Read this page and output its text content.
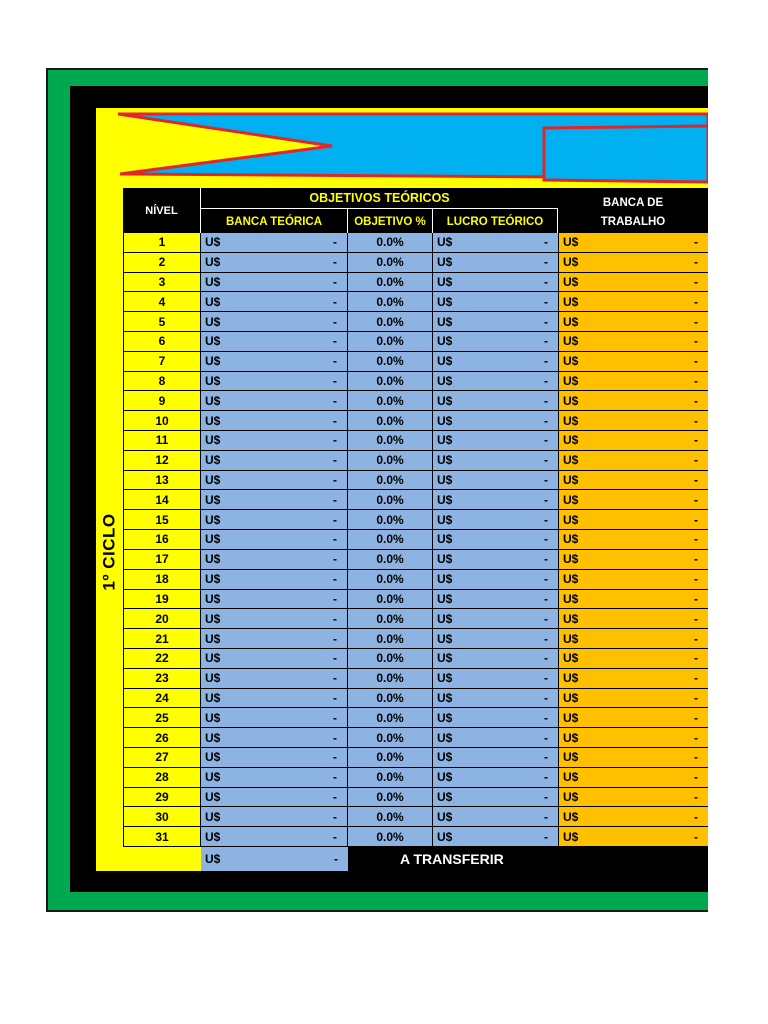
1º CICLO
NÍVEL
OBJETIVOS TEÓRICOS
BANCA TEÓRICA	OBJETIVO %	LUCRO TEÓRICO
BANCA DE
TRABALHO
1	U$	-	0.0%	U$	- U$	-
2	U$	-	0.0%	U$	- U$	-
3	U$	-	0.0%	U$	- U$	-
4	U$	-	0.0%	U$	- U$	-
5	U$	-	0.0%	U$	- U$	-
6	U$	-	0.0%	U$	- U$	-
7	U$	-	0.0%	U$	- U$	-
8	U$	-	0.0%	U$	- U$	-
9	U$	-	0.0%	U$	- U$	-
10	U$	-	0.0%	U$	- U$	-
11	U$	-	0.0%	U$	- U$	-
12	U$	-	0.0%	U$	- U$	-
13	U$	-	0.0%	U$	- U$	-
14	U$	-	0.0%	U$	- U$	-
15	U$	-	0.0%	U$	- U$	-
16	U$	-	0.0%	U$	- U$	-
17	U$	-	0.0%	U$	- U$	-
18	U$	-	0.0%	U$	- U$	-
19	U$	-	0.0%	U$	- U$	-
20	U$	-	0.0%	U$	- U$	-
21	U$	-	0.0%	U$	- U$	-
22	U$	-	0.0%	U$	- U$	-
23	U$	-	0.0%	U$	- U$	-
24	U$	-	0.0%	U$	- U$	-
25	U$	-	0.0%	U$	- U$	-
26	U$	-	0.0%	U$	- U$	-
27	U$	-	0.0%	U$	- U$	-
28	U$	-	0.0%	U$	- U$	-
29	U$	-	0.0%	U$	- U$	-
30	U$	-	0.0%	U$	- U$	-
31	U$	-	0.0%	U$	- U$	-
U$	-	A TRANSFERIR
